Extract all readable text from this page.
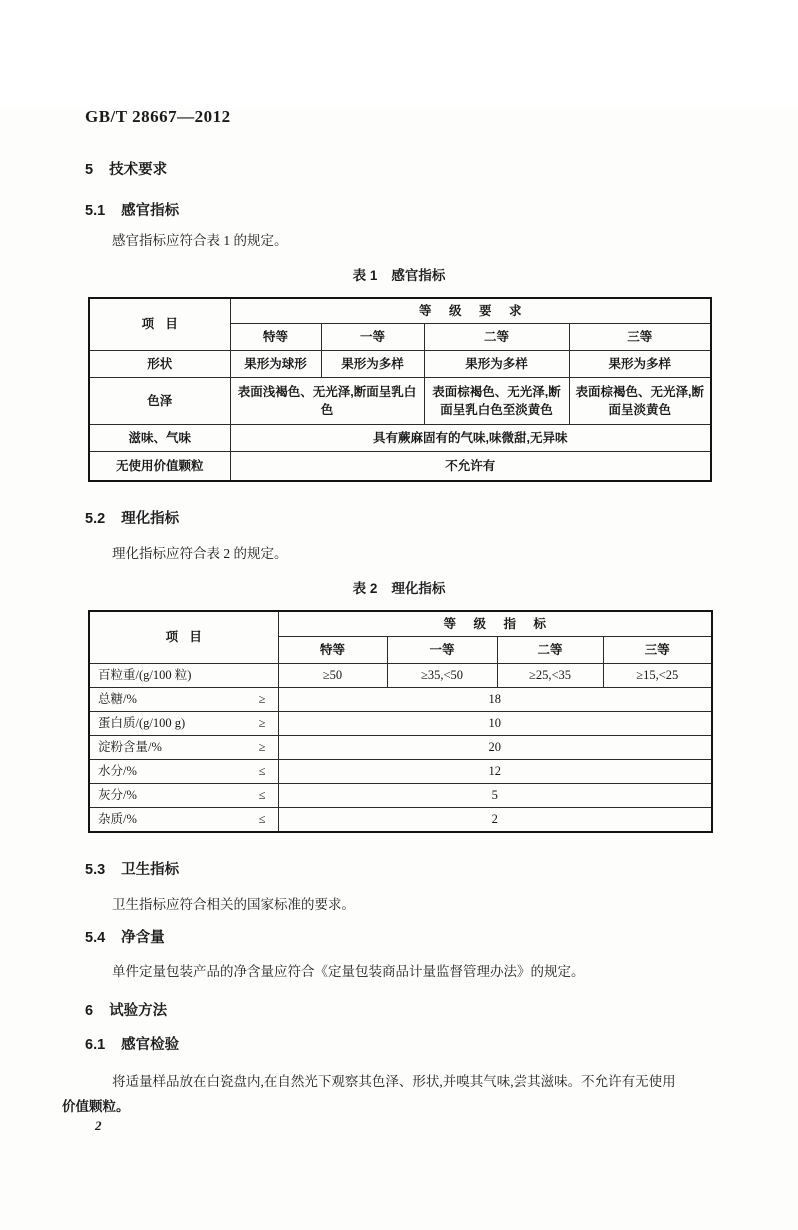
GB/T 28667—2012
5 技术要求
5.1 感官指标
感官指标应符合表 1 的规定。
表 1 感官指标
项目	等级要求			
	特等	一等	二等	三等
形状	果形为球形	果形为多样	果形为多样	果形为多样
色泽	表面浅褐色、无光泽,断面呈乳白色		表面棕褐色、无光泽,断面呈乳白色至淡黄色	表面棕褐色、无光泽,断面呈淡黄色
滋味、气味	具有蕨麻固有的气味,味微甜,无异味			
无使用价值颗粒	不允许有			
5.2 理化指标
理化指标应符合表 2 的规定。
表 2 理化指标
项目	等级指标			
	特等	一等	二等	三等

百粒重/(g/100 粒)	≥50	≥35,<50	≥25,<35	≥15,<25

总糖/% ≥	18			

蛋白质/(g/100 g) ≥	10			

淀粉含量/% ≥	20			

水分/% ≤	12			

灰分/% ≤	5			

杂质/% ≤	2			
5.3 卫生指标
卫生指标应符合相关的国家标准的要求。
5.4 净含量
单件定量包装产品的净含量应符合《定量包装商品计量监督管理办法》的规定。
6 试验方法
6.1 感官检验
将适量样品放在白瓷盘内,在自然光下观察其色泽、形状,并嗅其气味,尝其滋味。不允许有无使用
价值颗粒。
2
